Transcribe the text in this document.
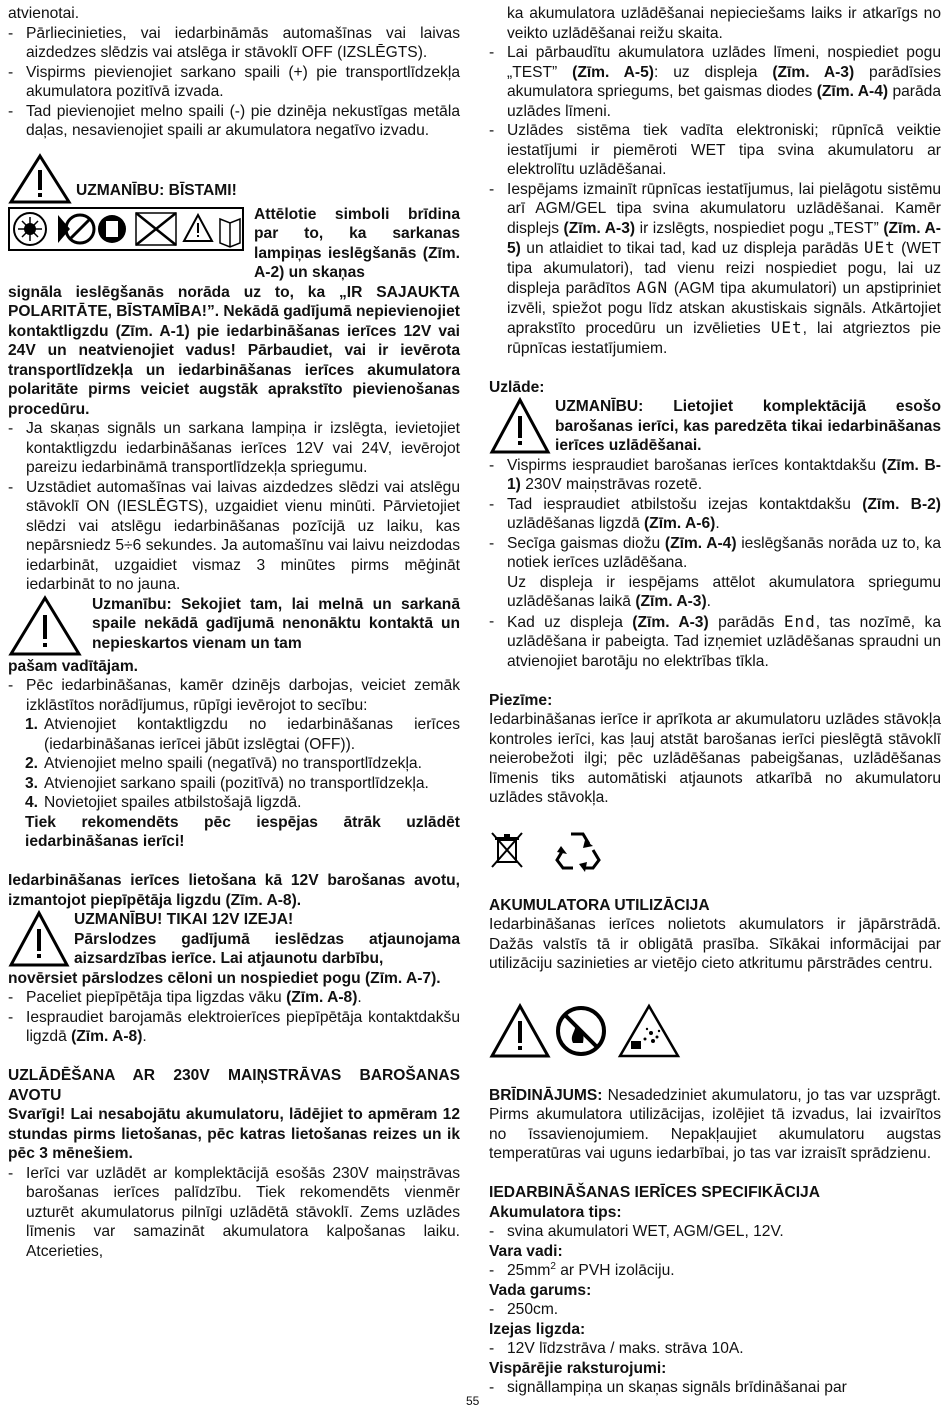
atvienotai.

- Pārliecinieties, vai iedarbināmās automašīnas vai laivas aizdedzes slēdzis vai atslēga ir stāvoklī OFF (IZSLĒGTS).
- Vispirms pievienojiet sarkano spaili (+) pie transportlīdzekļa akumulatora pozitīvā izvada.
- Tad pievienojiet melno spaili (-) pie dzinēja nekustīgas metāla daļas, nesavienojiet spaili ar akumulatora negatīvo izvadu.
UZMANĪBU: BĪSTAMI!

Attēlotie simboli brīdina par to, ka sarkanas lampiņas ieslēgšanās (Zīm. A-2) un skaņas

signāla ieslēgšanās norāda uz to, ka „IR SAJAUKTA POLARITĀTE, BĪSTAMĪBA!”. Nekādā gadījumā nepievienojiet kontaktligzdu (Zīm. A-1) pie iedarbināšanas ierīces 12V vai 24V un neatvienojiet vadus! Pārbaudiet, vai ir ievērota transportlīdzekļa un iedarbināšanas ierīces akumulatora polaritāte pirms veiciet augstāk aprakstīto pievienošanas procedūru.

- Ja skaņas signāls un sarkana lampiņa ir izslēgta, ievietojiet kontaktligzdu iedarbināšanas ierīces 12V vai 24V, ievērojot pareizu iedarbināmā transportlīdzekļa spriegumu.
- Uzstādiet automašīnas vai laivas aizdedzes slēdzi vai atslēgu stāvoklī ON (IESLĒGTS), uzgaidiet vienu minūti. Pārvietojiet slēdzi vai atslēgu iedarbināšanas pozīcijā uz laiku, kas nepārsniedz 5÷6 sekundes. Ja automašīnu vai laivu neizdodas iedarbināt, uzgaidiet vismaz 3 minūtes pirms mēģināt iedarbināt to no jauna.

Uzmanību: Sekojiet tam, lai melnā un sarkanā spaile nekādā gadījumā nenonāktu kontaktā un nepieskartos vienam un tam

pašam vadītājam.

- Pēc iedarbināšanas, kamēr dzinējs darbojas, veiciet zemāk izklāstītos norādījumus, rūpīgi ievērojot to secību:
1. Atvienojiet kontaktligzdu no iedarbināšanas ierīces (iedarbināšanas ierīcei jābūt izslēgtai (OFF)).
2. Atvienojiet melno spaili (negatīvā) no transportlīdzekļa.
3. Atvienojiet sarkano spaili (pozitīvā) no transportlīdzekļa.
4. Novietojiet spailes atbilstošajā ligzdā.

Tiek rekomendēts pēc iespējas ātrāk uzlādēt iedarbināšanas ierīci!

Iedarbināšanas ierīces lietošana kā 12V barošanas avotu, izmantojot piepīpētāja ligzdu (Zīm. A-8).

UZMANĪBU! TIKAI 12V IZEJA!

Pārslodzes gadījumā ieslēdzas atjaunojama aizsardzības ierīce. Lai atjaunotu darbību,

novērsiet pārslodzes cēloni un nospiediet pogu (Zīm. A-7).

- Paceliet piepīpētāja tipa ligzdas vāku (Zīm. A-8).
- Iespraudiet barojamās elektroierīces piepīpētāja kontaktdakšu ligzdā (Zīm. A-8).

UZLĀDĒŠANA AR 230V MAIŅSTRĀVAS BAROŠANAS AVOTU

Svarīgi! Lai nesabojātu akumulatoru, lādējiet to apmēram 12 stundas pirms lietošanas, pēc katras lietošanas reizes un ik pēc 3 mēnešiem.

- Ierīci var uzlādēt ar komplektācijā esošās 230V maiņstrāvas barošanas ierīces palīdzību. Tiek rekomendēts vienmēr uzturēt akumulatorus pilnīgi uzlādētā stāvoklī. Zems uzlādes līmenis var samazināt akumulatora kalpošanas laiku. Atcerieties,

ka akumulatora uzlādēšanai nepieciešams laiks ir atkarīgs no veikto uzlādēšanai reižu skaita.

- Lai pārbaudītu akumulatora uzlādes līmeni, nospiediet pogu „TEST” (Zīm. A-5): uz displeja (Zīm. A-3) parādīsies akumulatora spriegums, bet gaismas diodes (Zīm. A-4) parāda uzlādes līmeni.
- Uzlādes sistēma tiek vadīta elektroniski; rūpnīcā veiktie iestatījumi ir piemēroti WET tipa svina akumulatoru ar elektrolītu uzlādēšanai.
- Iespējams izmainīt rūpnīcas iestatījumus, lai pielāgotu sistēmu arī AGM/GEL tipa svina akumulatoru uzlādēšanai. Kamēr displejs (Zīm. A-3) ir izslēgts, nospiediet pogu „TEST” (Zīm. A-5) un atlaidiet to tikai tad, kad uz displeja parādās UEt (WET tipa akumulatori), tad vienu reizi nospiediet pogu, lai uz displeja parādītos AGN (AGM tipa akumulatori) un apstipriniet izvēli, spiežot pogu līdz atskan akustiskais signāls. Atkārtojiet aprakstīto procedūru un izvēlieties UEt, lai atgrieztos pie rūpnīcas iestatījumiem.

Uzlāde:

UZMANĪBU: Lietojiet komplektācijā esošo barošanas ierīci, kas paredzēta tikai iedarbināšanas ierīces uzlādēšanai.

- Vispirms iespraudiet barošanas ierīces kontaktdakšu (Zīm. B-1) 230V maiņstrāvas rozetē.
- Tad iespraudiet atbilstošu izejas kontaktdakšu (Zīm. B-2) uzlādēšanas ligzdā (Zīm. A-6).
- Secīga gaismas diožu (Zīm. A-4) ieslēgšanās norāda uz to, ka notiek ierīces uzlādēšana.
Uz displeja ir iespējams attēlot akumulatora spriegumu uzlādēšanas laikā (Zīm. A-3).
- Kad uz displeja (Zīm. A-3) parādās End, tas nozīmē, ka uzlādēšana ir pabeigta. Tad izņemiet uzlādēšanas spraudni un atvienojiet barotāju no elektrības tīkla.

Piezīme:

Iedarbināšanas ierīce ir aprīkota ar akumulatoru uzlādes stāvokļa kontroles ierīci, kas ļauj atstāt barošanas ierīci pieslēgtā stāvoklī neierobežoti ilgi; pēc uzlādēšanas pabeigšanas, uzlādēšanas līmenis tiks automātiski atjaunots atkarībā no akumulatoru uzlādes stāvokļa.

AKUMULATORA UTILIZĀCIJA

Iedarbināšanas ierīces nolietots akumulators ir jāpārstrādā. Dažās valstīs tā ir obligātā prasība. Sīkākai informācijai par utilizāciju sazinieties ar vietējo cieto atkritumu pārstrādes centru.

BRĪDINĀJUMS: Nesadedziniet akumulatoru, jo tas var uzsprāgt. Pirms akumulatora utilizācijas, izolējiet tā izvadus, lai izvairītos no īssavienojumiem. Nepakļaujiet akumulatoru augstas temperatūras vai uguns iedarbībai, jo tas var izraisīt sprādzienu.

IEDARBINĀŠANAS IERĪCES SPECIFIKĀCIJA

Akumulatora tips:

- svina akumulatori WET, AGM/GEL, 12V.

Vara vadi:

- $25mm^2$ ar PVH izolāciju.

Vada garums:

- 250cm.

Izejas ligzda:

- 12V līdzstrāva / maks. strāva 10A.

Vispārējie raksturojumi:

- signāllampiņa un skaņas signāls brīdināšanai par
55
